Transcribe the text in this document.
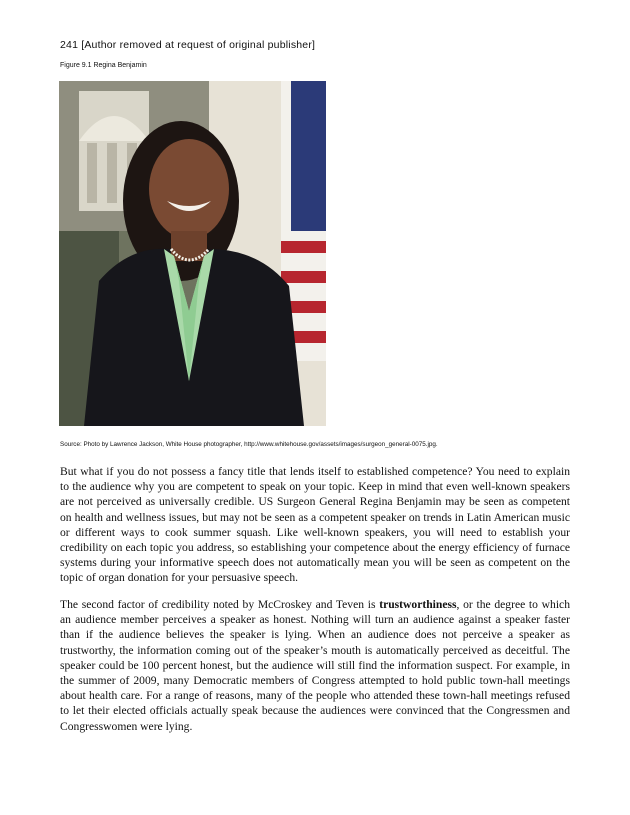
241 [Author removed at request of original publisher]
Figure 9.1 Regina Benjamin
Source: Photo by Lawrence Jackson, White House photographer, http://www.whitehouse.gov/assets/images/surgeon_general-0075.jpg.

But what if you do not possess a fancy title that lends itself to established competence? You need to explain to the audience why you are competent to speak on your topic. Keep in mind that even well-known speakers are not perceived as universally credible. US Surgeon General Regina Benjamin may be seen as competent on health and wellness issues, but may not be seen as a competent speaker on trends in Latin American music or different ways to cook summer squash. Like well-known speakers, you will need to establish your credibility on each topic you address, so establishing your competence about the energy efficiency of furnace systems during your informative speech does not automatically mean you will be seen as competent on the topic of organ donation for your persuasive speech.

The second factor of credibility noted by McCroskey and Teven is trustworthiness, or the degree to which an audience member perceives a speaker as honest. Nothing will turn an audience against a speaker faster than if the audience believes the speaker is lying. When an audience does not perceive a speaker as trustworthy, the information coming out of the speaker’s mouth is automatically perceived as deceitful. The speaker could be 100 percent honest, but the audience will still find the information suspect. For example, in the summer of 2009, many Democratic members of Congress attempted to hold public town-hall meetings about health care. For a range of reasons, many of the people who attended these town-hall meetings refused to let their elected officials actually speak because the audiences were convinced that the Congressmen and Congresswomen were lying.
